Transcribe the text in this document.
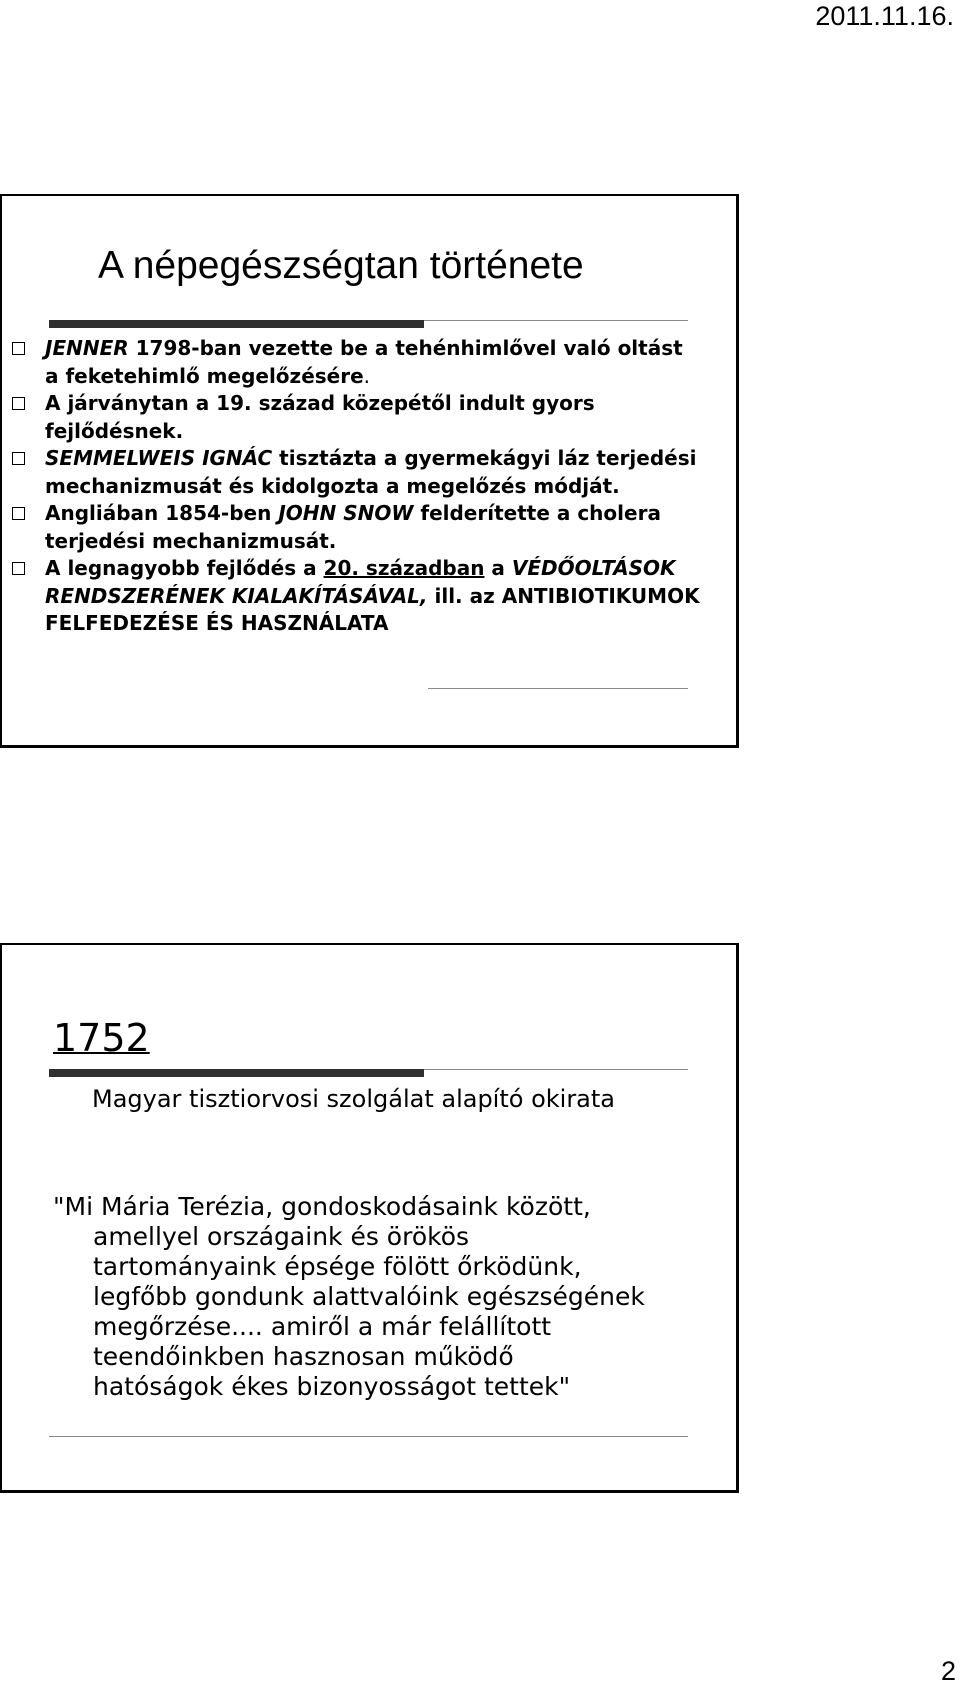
2011.11.16.
A népegészségtan története
JENNER 1798-ban vezette be a tehénhimlővel való oltást a feketehimlő megelőzésére.
A járványtan a 19. század közepétől indult gyors fejlődésnek.
SEMMELWEIS IGNÁC tisztázta a gyermekágyi láz terjedési mechanizmusát és kidolgozta a megelőzés módját.
Angliában 1854-ben JOHN SNOW felderítette a cholera terjedési mechanizmusát.
A legnagyobb fejlődés a 20. században a VÉDŐOLTÁSOK RENDSZERÉNEK KIALAKÍTÁSÁVAL, ill. az ANTIBIOTIKUMOK FELFEDEZÉSE ÉS HASZNÁLATA
1752
Magyar tisztiorvosi szolgálat alapító okirata
"Mi Mária Terézia, gondoskodásaink között,
amellyel országaink és örökös
tartományaink épsége fölött őrködünk,
legfőbb gondunk alattvalóink egészségének
megőrzése.... amiről a már felállított
teendőinkben hasznosan működő
hatóságok ékes bizonyosságot tettek"
2
